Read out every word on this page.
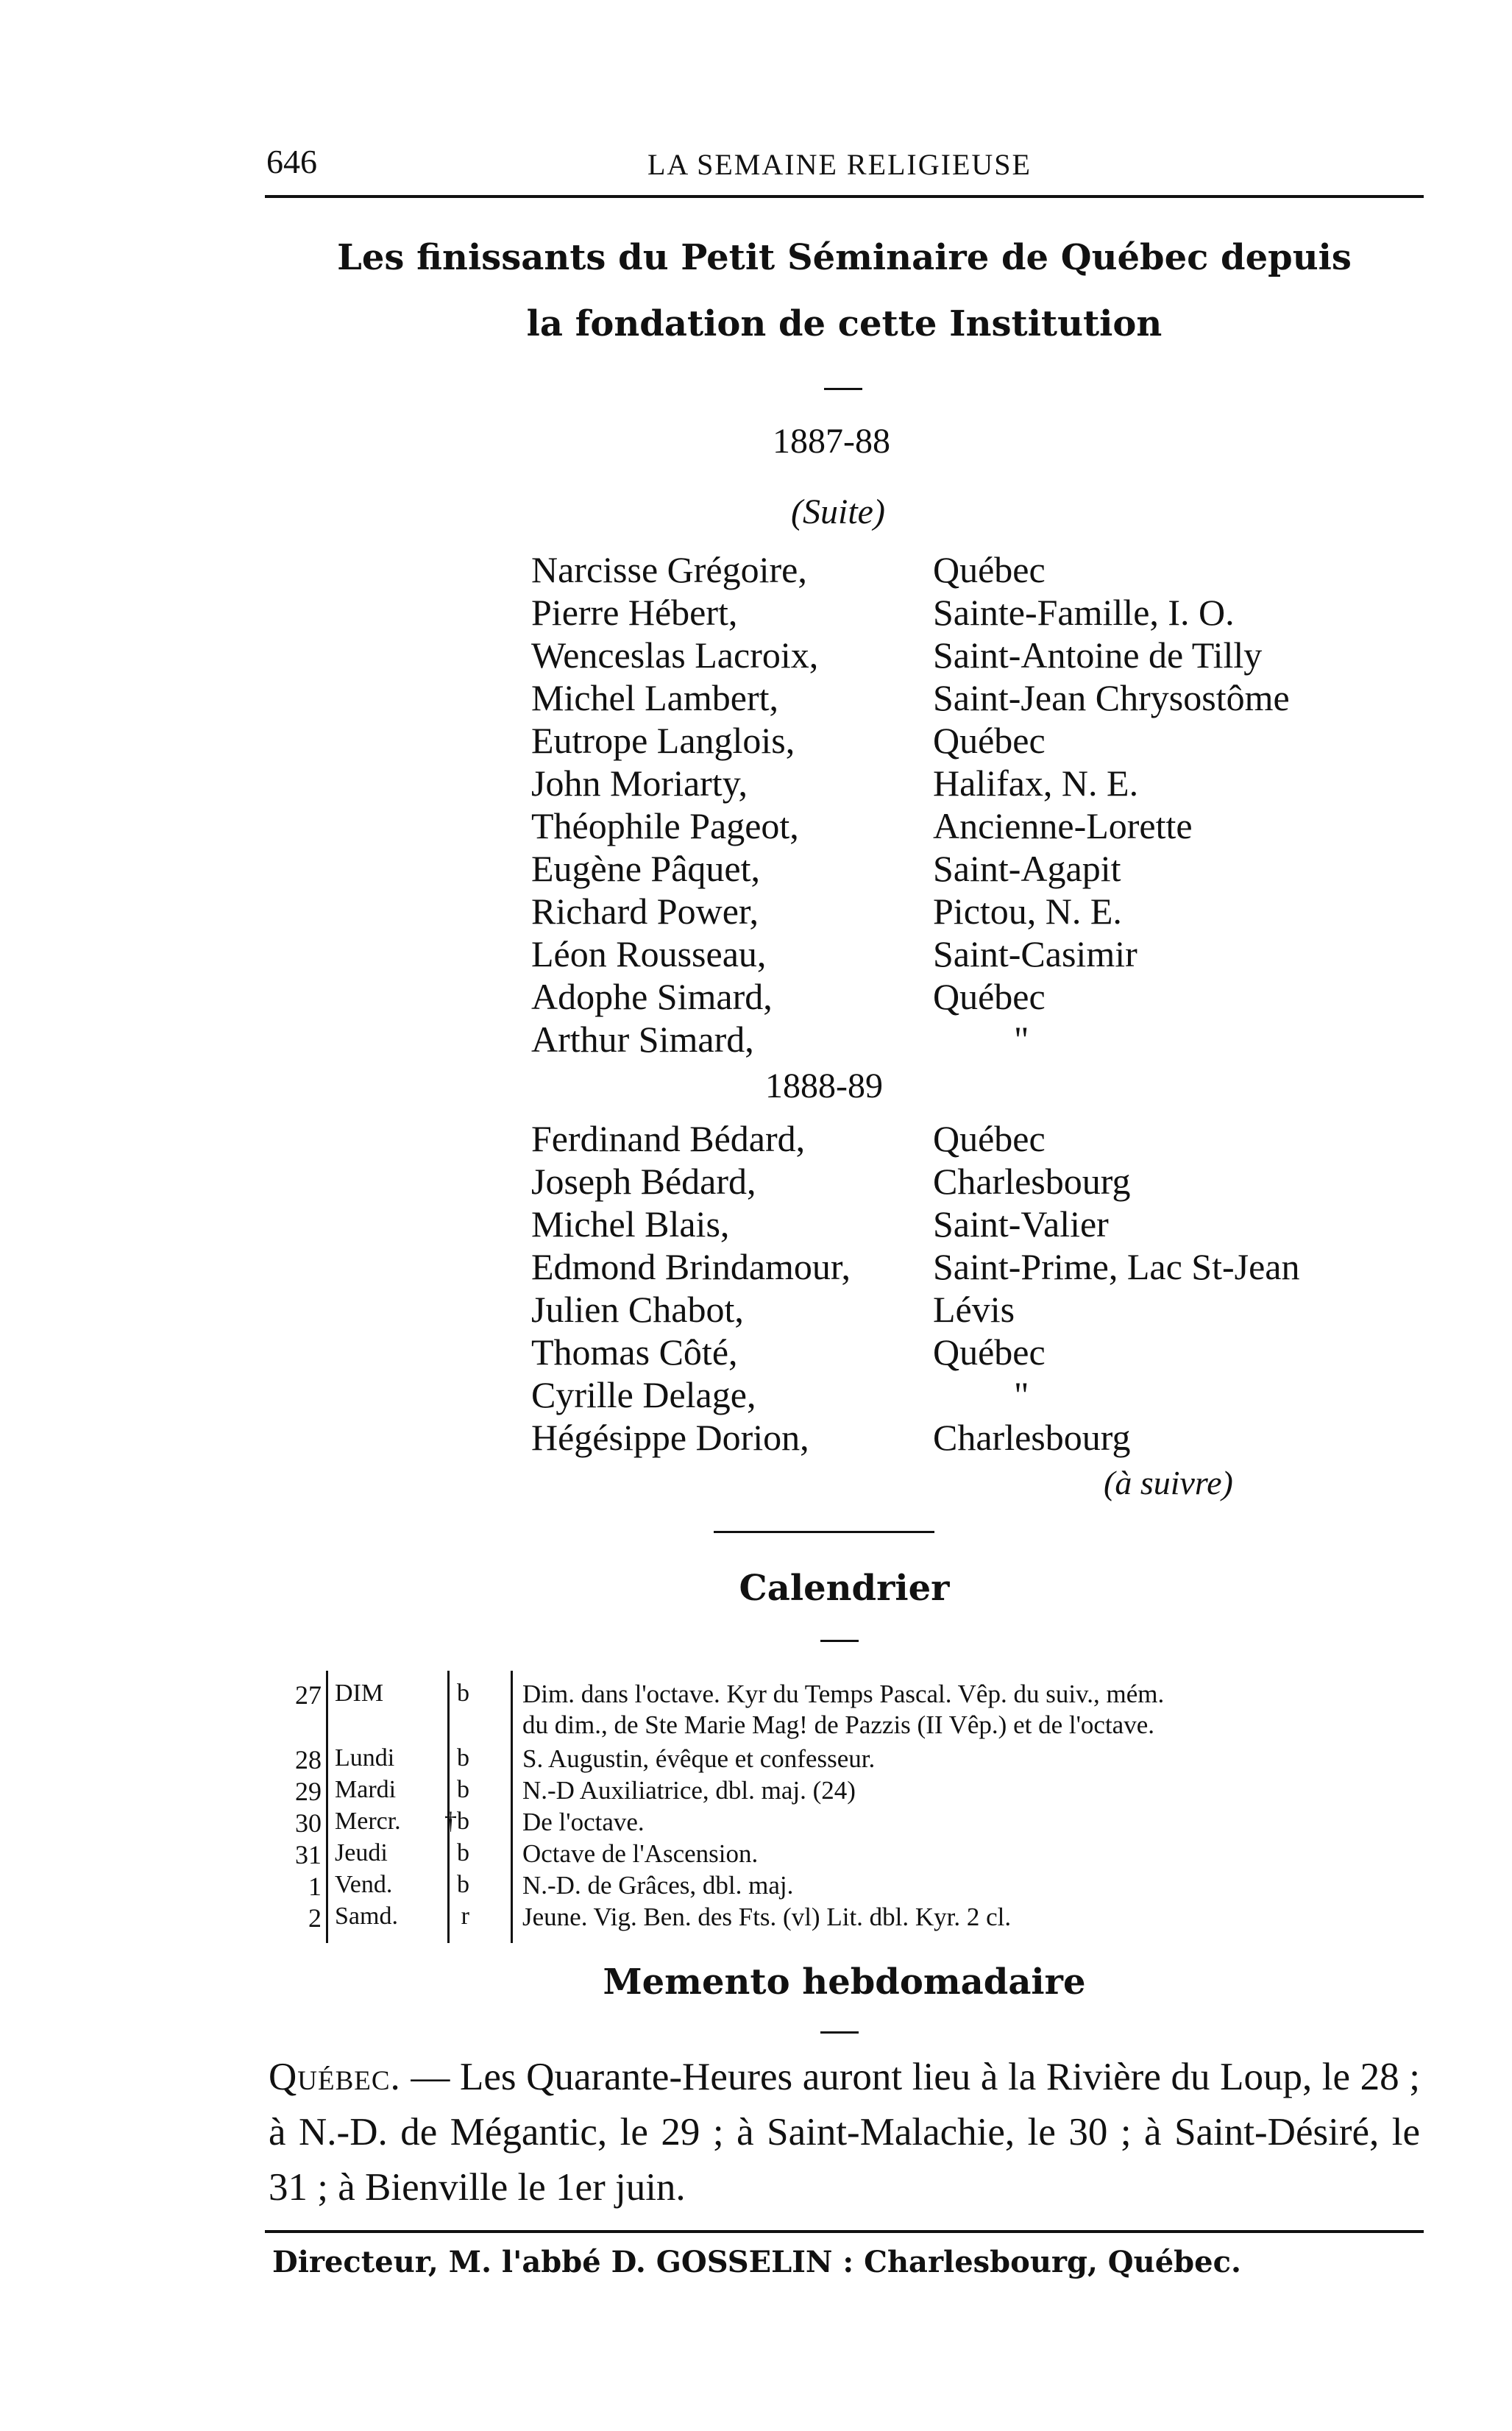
646	LA SEMAINE RELIGIEUSE
Les finissants du Petit Séminaire de Québec depuis
la fondation de cette Institution
1887-88
(Suite)
Narcisse Grégoire,	Québec
Pierre Hébert,	Sainte-Famille, I. O.
Wenceslas Lacroix,	Saint-Antoine de Tilly
Michel Lambert,	Saint-Jean Chrysostôme
Eutrope Langlois,	Québec
John Moriarty,	Halifax, N. E.
Théophile Pageot,	Ancienne-Lorette
Eugène Pâquet,	Saint-Agapit
Richard Power,	Pictou, N. E.
Léon Rousseau,	Saint-Casimir
Adophe Simard,	Québec
Arthur Simard,	"
1888-89
Ferdinand Bédard,	Québec
Joseph Bédard,	Charlesbourg
Michel Blais,	Saint-Valier
Edmond Brindamour, Saint-Prime, Lac St-Jean
Julien Chabot,	Lévis
Thomas Côté,	Québec
Cyrille Delage,	"
Hégésippe Dorion,	Charlesbourg
(à suivre)
Calendrier
27 DIM	b Dim. dans l'octave. Kyr du Temps Pascal. Vêp. du suiv., mém.
du dim., de Ste Marie Mag! de Pazzis (II Vêp.) et de l'octave.
28 Lundi	b S. Augustin, évêque et confesseur.
29 Mardi	b N.-D Auxiliatrice, dbl. maj. (24)
30 Mercr. †b De l'octave.
31 Jeudi	b Octave de l'Ascension.
1 Vend.	b N.-D. de Grâces, dbl. maj.
2 Samd.	r Jeune. Vig. Ben. des Fts. (vl) Lit. dbl. Kyr. 2 cl.
Memento hebdomadaire

Québec. — Les Quarante-Heures auront lieu à la Rivière du Loup, le 28 ; à N.-D. de Mégantic, le 29 ; à Saint-Malachie, le 30 ; à Saint-Désiré, le 31 ; à Bienville le 1er juin.

Directeur, M. l'abbé D. GOSSELIN : Charlesbourg, Québec.
